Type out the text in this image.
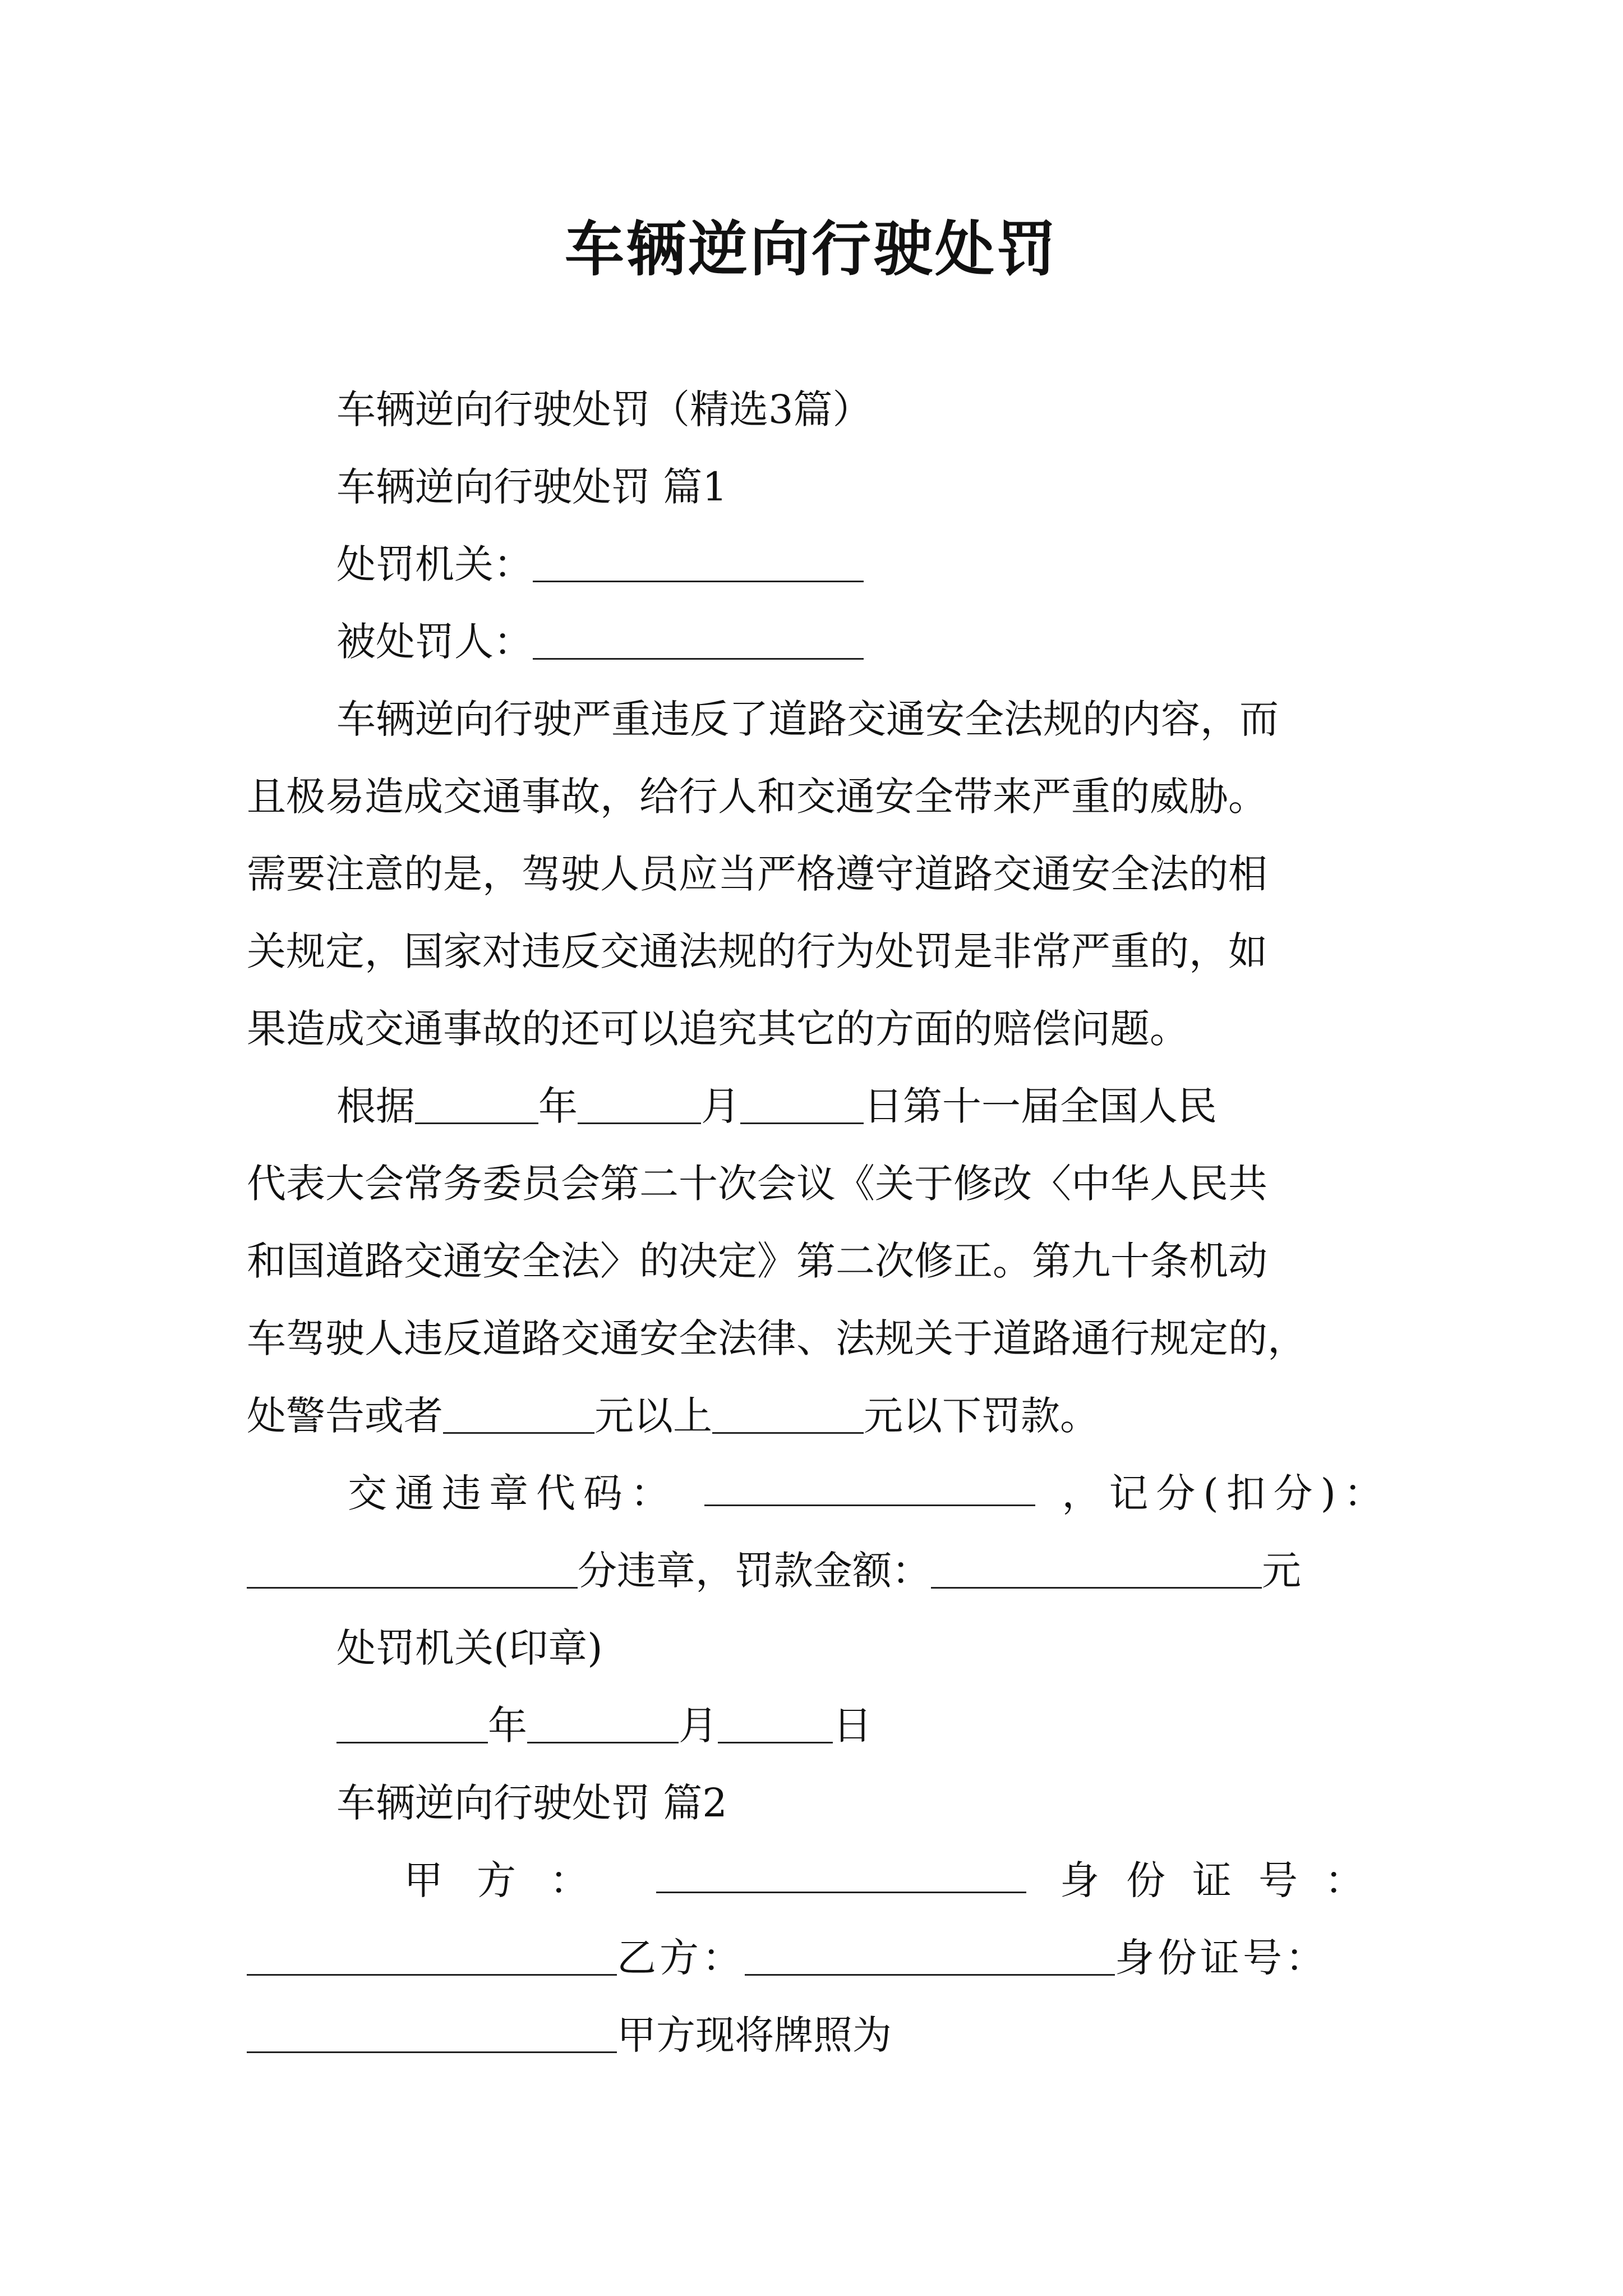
车辆逆向行驶处罚

车辆逆向行驶处罚（精选3篇）

车辆逆向行驶处罚 篇1

处罚机关：

被处罚人：

车辆逆向行驶严重违反了道路交通安全法规的内容，而

且极易造成交通事故，给行人和交通安全带来严重的威胁。

需要注意的是，驾驶人员应当严格遵守道路交通安全法的相

关规定，国家对违反交通法规的行为处罚是非常严重的，如

果造成交通事故的还可以追究其它的方面的赔偿问题。

根据	年	月	日第十一届全国人民

代表大会常务委员会第二十次会议《关于修改〈中华人民共

和国道路交通安全法〉的决定》第二次修正。第九十条机动

车驾驶人违反道路交通安全法律、法规关于道路通行规定的，

处警告或者	元以上	元以下罚款。

交通违章代码：	，记分(扣分)：

分违章，罚款金额：	元

处罚机关(印章)

年	月	日

车辆逆向行驶处罚 篇2

甲方：	身份证号：

乙方：	身份证号：

甲方现将牌照为
